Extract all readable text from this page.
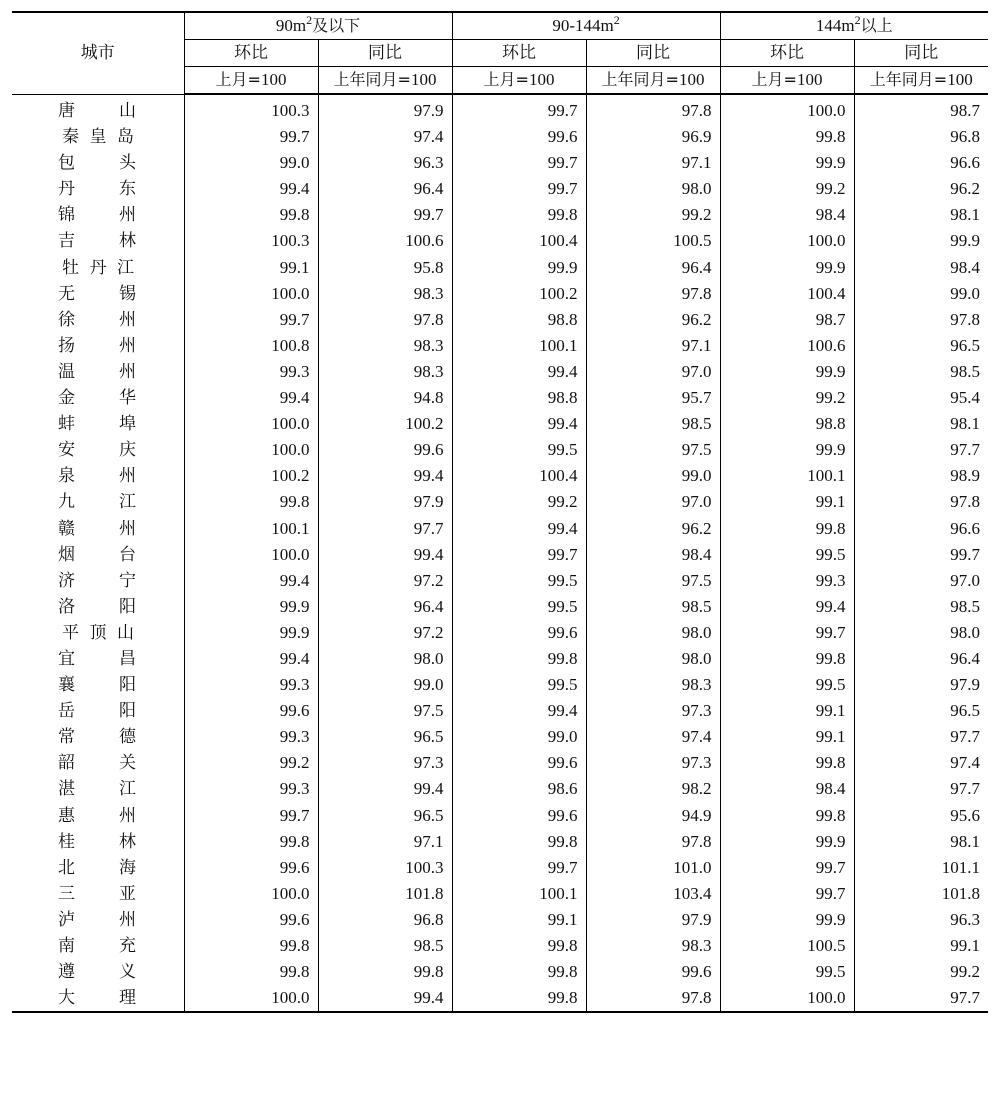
城市	$90m^2$及以下		$90-144m^2$		$144m^2$以上	
	环比	同比	环比	同比	环比	同比
	上月=100	上年同月=100	上月=100	上年同月=100	上月=100	上年同月=100

唐 山	100.3	97.9	99.7	97.8	100.0	98.7

秦 皇 岛	99.7	97.4	99.6	96.9	99.8	96.8

包 头	99.0	96.3	99.7	97.1	99.9	96.6

丹 东	99.4	96.4	99.7	98.0	99.2	96.2

锦 州	99.8	99.7	99.8	99.2	98.4	98.1

吉 林	100.3	100.6	100.4	100.5	100.0	99.9

牡 丹 江	99.1	95.8	99.9	96.4	99.9	98.4

无 锡	100.0	98.3	100.2	97.8	100.4	99.0

徐 州	99.7	97.8	98.8	96.2	98.7	97.8

扬 州	100.8	98.3	100.1	97.1	100.6	96.5

温 州	99.3	98.3	99.4	97.0	99.9	98.5

金 华	99.4	94.8	98.8	95.7	99.2	95.4

蚌 埠	100.0	100.2	99.4	98.5	98.8	98.1

安 庆	100.0	99.6	99.5	97.5	99.9	97.7

泉 州	100.2	99.4	100.4	99.0	100.1	98.9

九 江	99.8	97.9	99.2	97.0	99.1	97.8

赣 州	100.1	97.7	99.4	96.2	99.8	96.6

烟 台	100.0	99.4	99.7	98.4	99.5	99.7

济 宁	99.4	97.2	99.5	97.5	99.3	97.0

洛 阳	99.9	96.4	99.5	98.5	99.4	98.5

平 顶 山	99.9	97.2	99.6	98.0	99.7	98.0

宜 昌	99.4	98.0	99.8	98.0	99.8	96.4

襄 阳	99.3	99.0	99.5	98.3	99.5	97.9

岳 阳	99.6	97.5	99.4	97.3	99.1	96.5

常 德	99.3	96.5	99.0	97.4	99.1	97.7

韶 关	99.2	97.3	99.6	97.3	99.8	97.4

湛 江	99.3	99.4	98.6	98.2	98.4	97.7

惠 州	99.7	96.5	99.6	94.9	99.8	95.6

桂 林	99.8	97.1	99.8	97.8	99.9	98.1

北 海	99.6	100.3	99.7	101.0	99.7	101.1

三 亚	100.0	101.8	100.1	103.4	99.7	101.8

泸 州	99.6	96.8	99.1	97.9	99.9	96.3

南 充	99.8	98.5	99.8	98.3	100.5	99.1

遵 义	99.8	99.8	99.8	99.6	99.5	99.2

大 理	100.0	99.4	99.8	97.8	100.0	97.7
